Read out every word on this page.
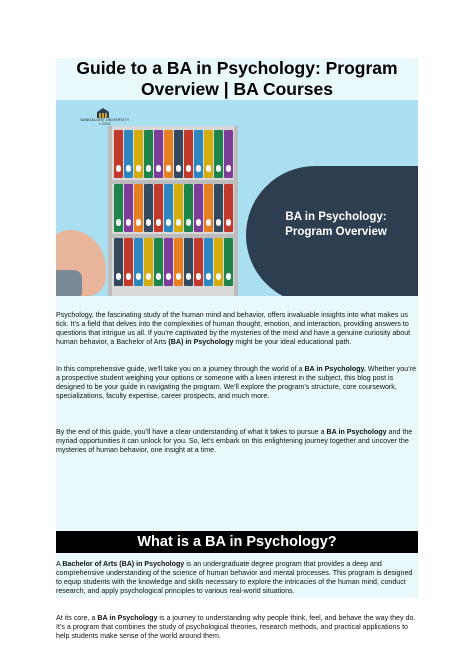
Guide to a BA in Psychology: Program
Overview | BA Courses
BANGALORE UNIVERSITY
LOGO
BA in Psychology:
Program Overview

Psychology, the fascinating study of the human mind and behavior, offers invaluable insights into what makes us tick. It’s a field that delves into the complexities of human thought, emotion, and interaction, providing answers to questions that intrigue us all. If you’re captivated by the mysteries of the mind and have a genuine curiosity about human behavior, a Bachelor of Arts (BA) in Psychology might be your ideal educational path.

In this comprehensive guide, we’ll take you on a journey through the world of a BA in Psychology. Whether you’re a prospective student weighing your options or someone with a keen interest in the subject, this blog post is designed to be your guide in navigating the program. We’ll explore the program’s structure, core coursework, specializations, faculty expertise, career prospects, and much more.

By the end of this guide, you’ll have a clear understanding of what it takes to pursue a BA in Psychology and the myriad opportunities it can unlock for you. So, let’s embark on this enlightening journey together and uncover the mysteries of human behavior, one insight at a time.

What is a BA in Psychology?

A Bachelor of Arts (BA) in Psychology is an undergraduate degree program that provides a deep and comprehensive understanding of the science of human behavior and mental processes. This program is designed to equip students with the knowledge and skills necessary to explore the intricacies of the human mind, conduct research, and apply psychological principles to various real-world situations.

At its core, a BA in Psychology is a journey to understanding why people think, feel, and behave the way they do. It’s a program that combines the study of psychological theories, research methods, and practical applications to help students make sense of the world around them.
